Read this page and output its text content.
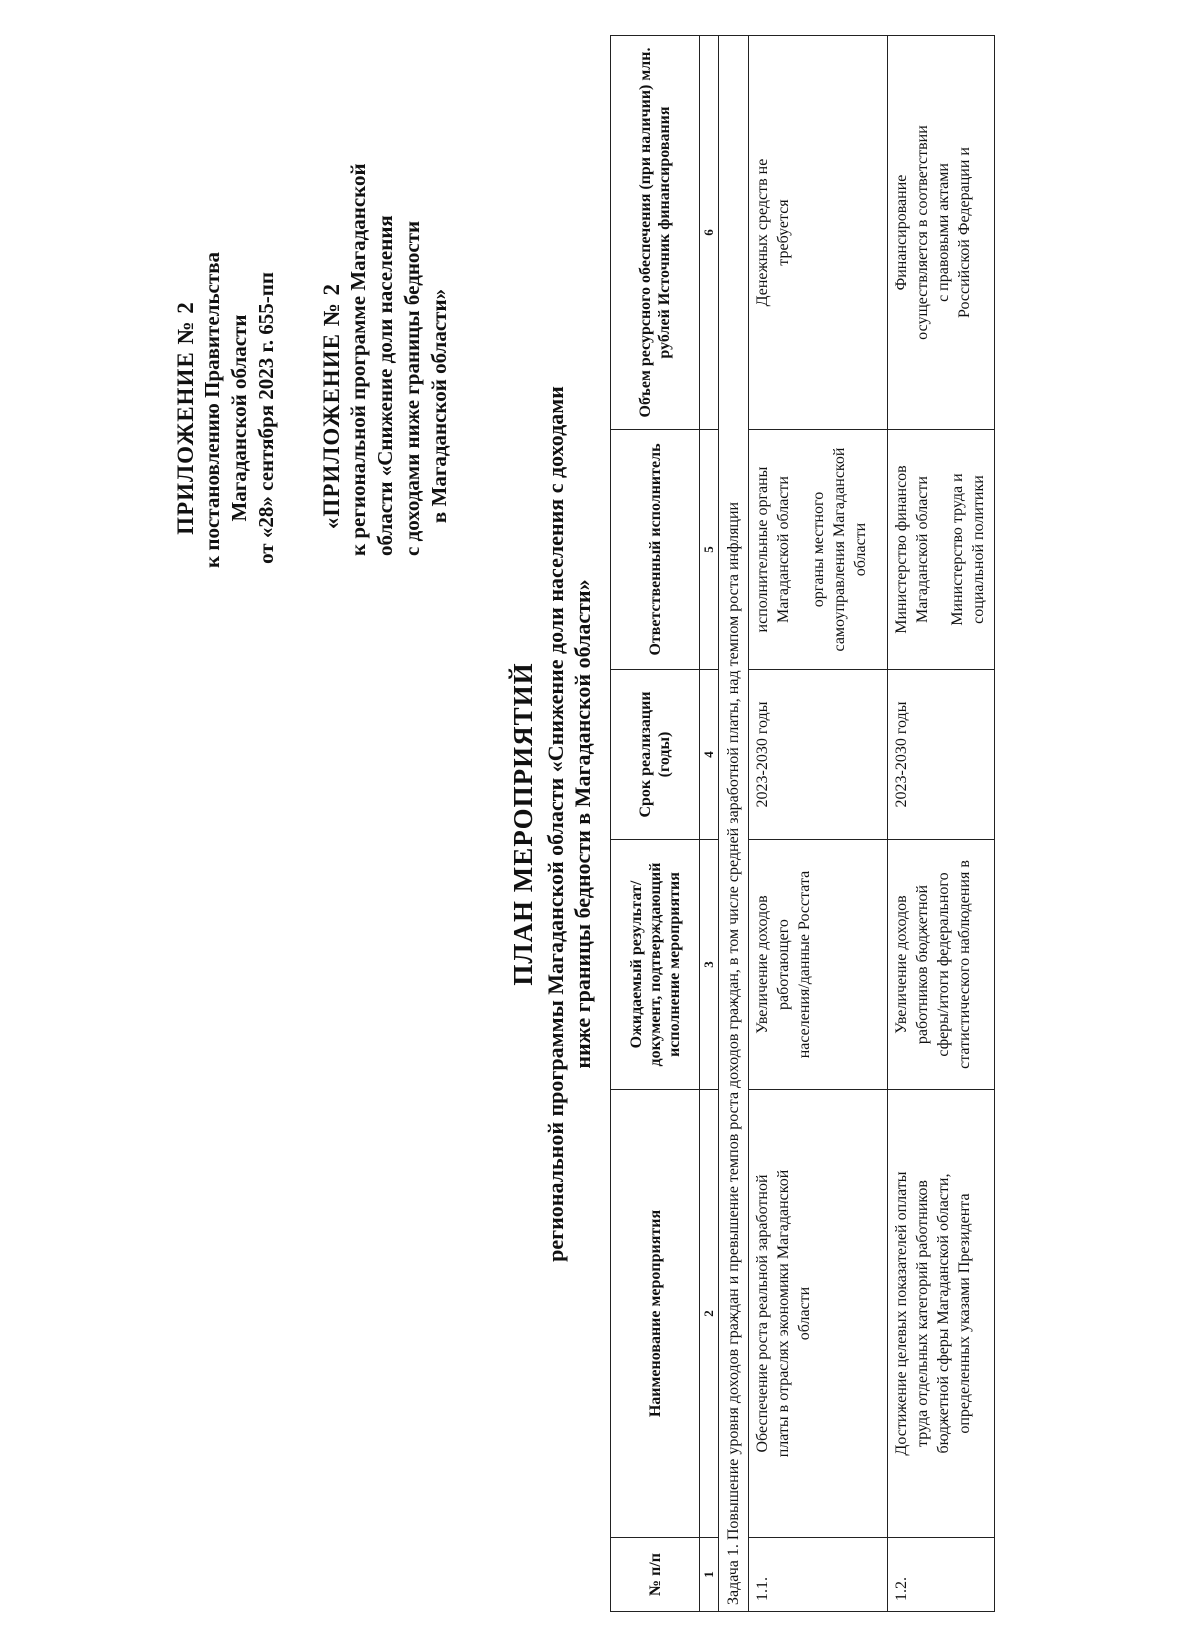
ПРИЛОЖЕНИЕ № 2 к постановлению Правительства Магаданской области от «28» сентября 2023 г. 655-пп «ПРИЛОЖЕНИЕ № 2 к региональной программе Магаданской области «Снижение доли населения с доходами ниже границы бедности в Магаданской области»
ПЛАН МЕРОПРИЯТИЙ региональной программы Магаданской области «Снижение доли населения с доходами ниже границы бедности в Магаданской области»
№ п/п	Наименование мероприятия	Ожидаемый результат/ документ, подтверждающий исполнение мероприятия	Срок реализации (годы)	Ответственный исполнитель	Объем ресурсного обеспечения (при наличии) млн. рублей Источник финансирования
1	2	3	4	5	6
Задача 1. Повышение уровня доходов граждан и превышение темпов роста доходов граждан, в том числе средней заработной платы, над темпом роста инфляции					
1.1.	Обеспечение роста реальной заработной платы в отраслях экономики Магаданской области	Увеличение доходов работающего населения/данные Росстата	2023-2030 годы	исполнительные органы Магаданской области органы местного самоуправления Магаданской области	Денежных средств не требуется

1.2.	Достижение целевых показателей оплаты труда отдельных категорий работников бюджетной сферы Магаданской области, определенных указами Президента	Увеличение доходов работников бюджетной сферы/итоги федерального статистического наблюдения в	2023-2030 годы	Министерство финансов Магаданской области Министерство труда и социальной политики	Финансирование осуществляется в соответствии с правовыми актами Российской Федерации и
